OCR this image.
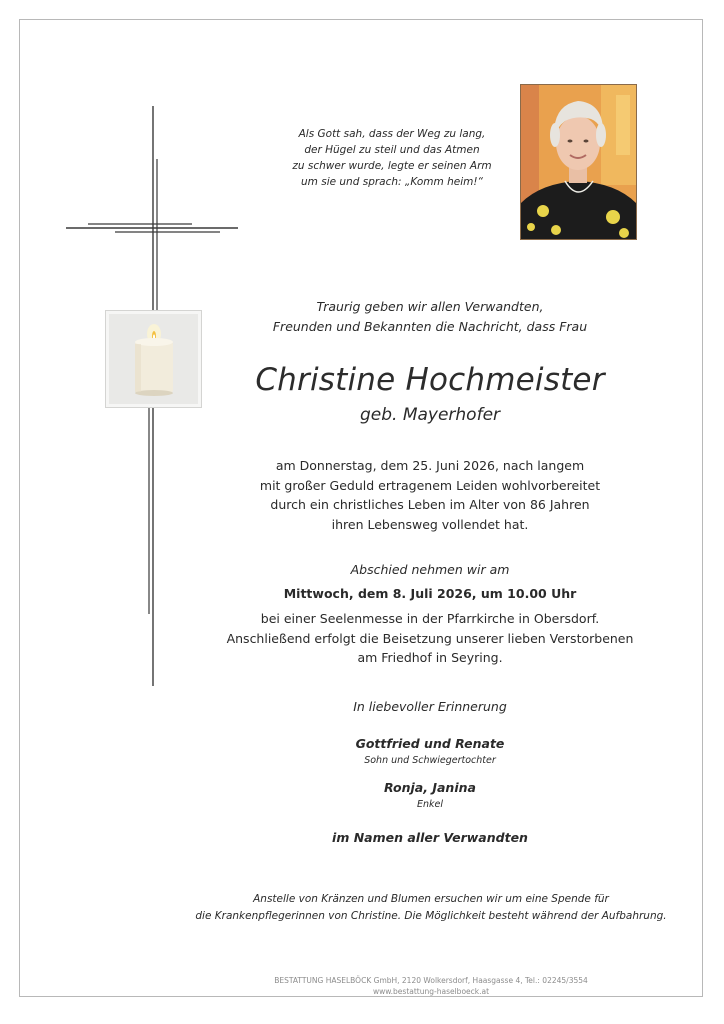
Als Gott sah, dass der Weg zu lang,
der Hügel zu steil und das Atmen
zu schwer wurde, legte er seinen Arm
um sie und sprach: „Komm heim!“
Traurig geben wir allen Verwandten,
Freunden und Bekannten die Nachricht, dass Frau
Christine Hochmeister
geb. Mayerhofer
am Donnerstag, dem 25. Juni 2026, nach langem
mit großer Geduld ertragenem Leiden wohlvorbereitet
durch ein christliches Leben im Alter von 86 Jahren
ihren Lebensweg vollendet hat.
Abschied nehmen wir am
Mittwoch, dem 8. Juli 2026, um 10.00 Uhr
bei einer Seelenmesse in der Pfarrkirche in Obersdorf.
Anschließend erfolgt die Beisetzung unserer lieben Verstorbenen
am Friedhof in Seyring.
In liebevoller Erinnerung
Gottfried und Renate
Sohn und Schwiegertochter
Ronja, Janina
Enkel
im Namen aller Verwandten
Anstelle von Kränzen und Blumen ersuchen wir um eine Spende für
die Krankenpflegerinnen von Christine. Die Möglichkeit besteht während der Aufbahrung.
BESTATTUNG HASELBÖCK GmbH, 2120 Wolkersdorf, Haasgasse 4, Tel.: 02245/3554
www.bestattung-haselboeck.at
